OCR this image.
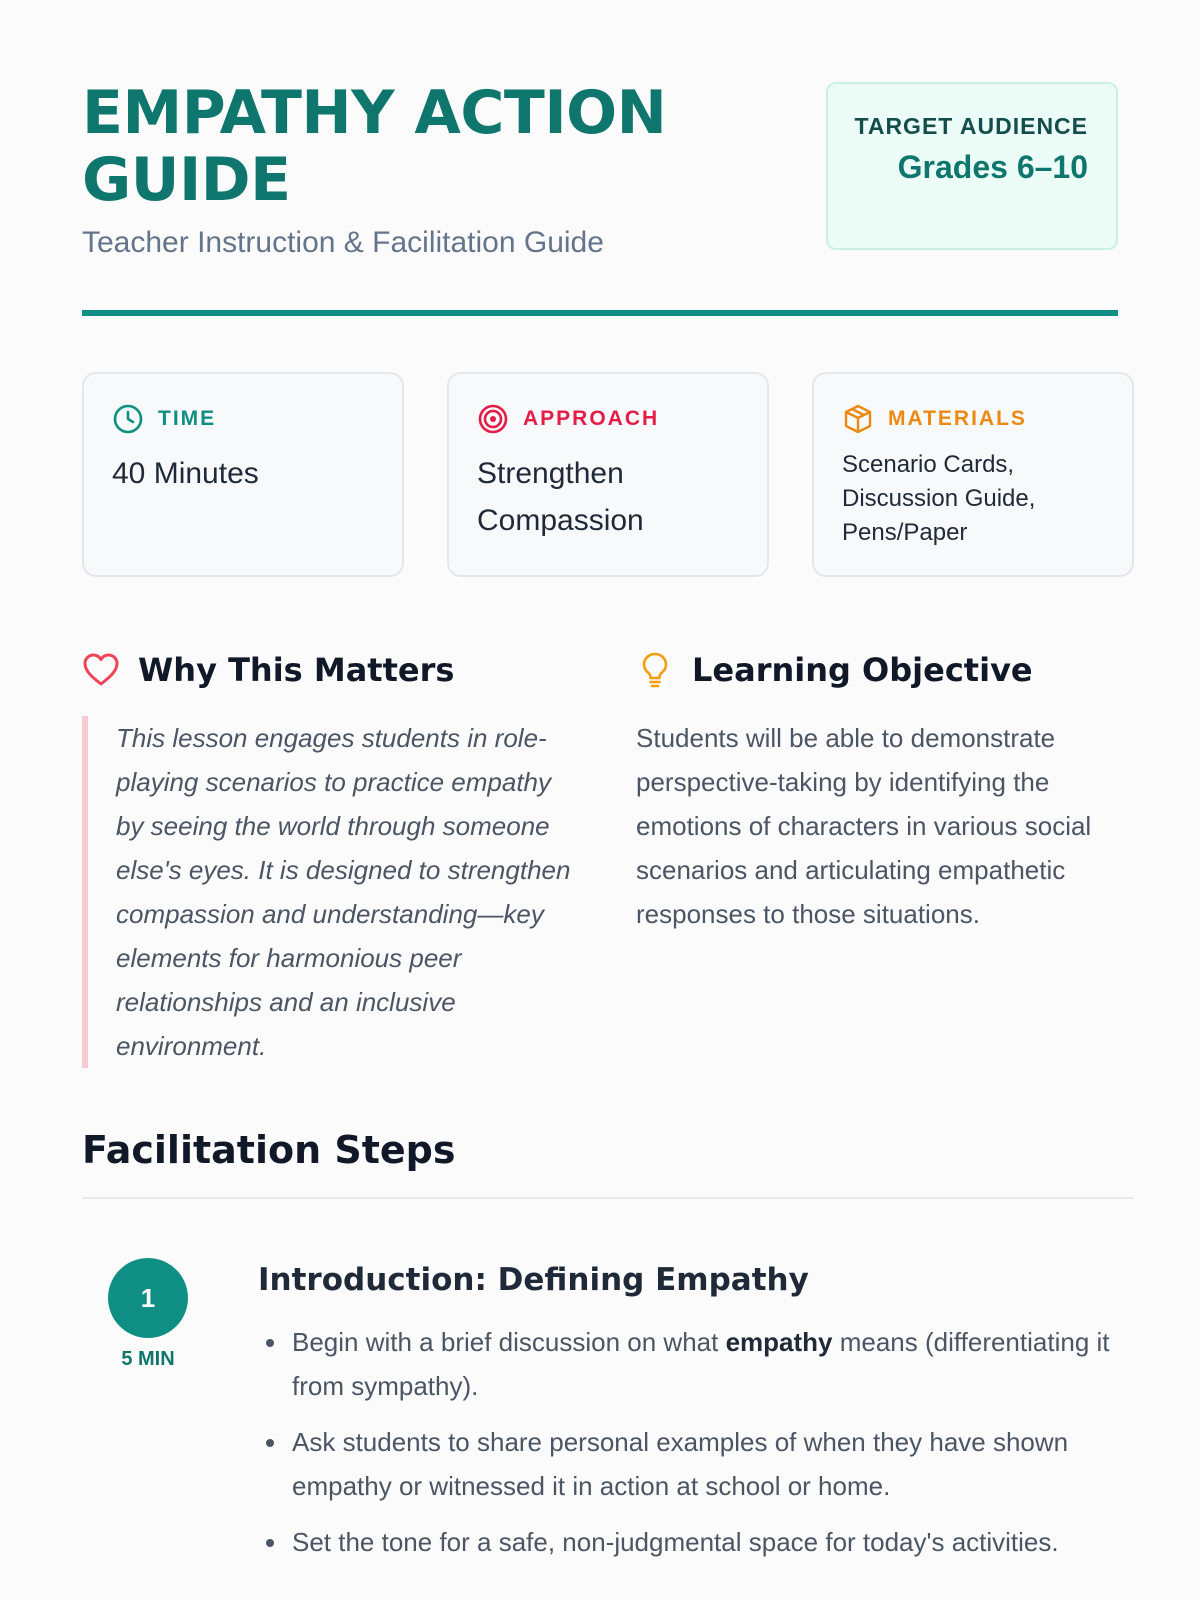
EMPATHY ACTION GUIDE
Teacher Instruction & Facilitation Guide
TARGET AUDIENCE
Grades 6–10
TIME
40 Minutes
APPROACH
Strengthen Compassion
MATERIALS
Scenario Cards, Discussion Guide, Pens/Paper
Why This Matters
This lesson engages students in role-playing scenarios to practice empathy by seeing the world through someone else's eyes. It is designed to strengthen compassion and understanding—key elements for harmonious peer relationships and an inclusive environment.
Learning Objective
Students will be able to demonstrate perspective-taking by identifying the emotions of characters in various social scenarios and articulating empathetic responses to those situations.
Facilitation Steps
1
5 MIN
Introduction: Defining Empathy
Begin with a brief discussion on what empathy means (differentiating it from sympathy).
Ask students to share personal examples of when they have shown empathy or witnessed it in action at school or home.
Set the tone for a safe, non-judgmental space for today's activities.
